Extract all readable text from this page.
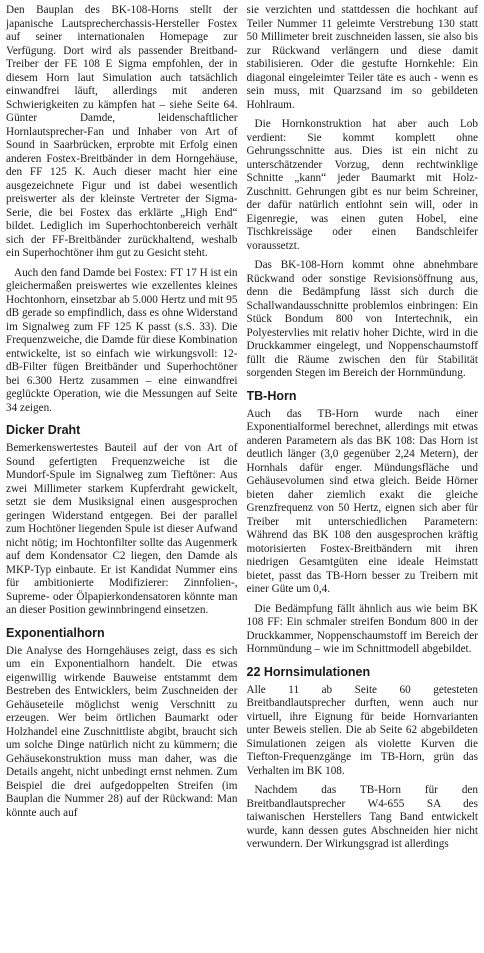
Den Bauplan des BK-108-Horns stellt der japanische Lautsprecherchassis-Hersteller Fostex auf seiner internationalen Homepage zur Verfügung. Dort wird als passender Breitband-Treiber der FE 108 E Sigma empfohlen, der in diesem Horn laut Simulation auch tatsächlich einwandfrei läuft, allerdings mit anderen Schwierigkeiten zu kämpfen hat – siehe Seite 64. Günter Damde, leidenschaftlicher Hornlautsprecher-Fan und Inhaber von Art of Sound in Saarbrücken, erprobte mit Erfolg einen anderen Fostex-Breitbänder in dem Horngehäuse, den FF 125 K. Auch dieser macht hier eine ausgezeichnete Figur und ist dabei wesentlich preiswerter als der kleinste Vertreter der Sigma-Serie, die bei Fostex das erklärte „High End“ bildet. Lediglich im Superhochtonbereich verhält sich der FF-Breitbänder zurückhaltend, weshalb ein Superhochtöner ihm gut zu Gesicht steht.

Auch den fand Damde bei Fostex: FT 17 H ist ein gleichermaßen preiswertes wie exzellentes kleines Hochtonhorn, einsetzbar ab 5.000 Hertz und mit 95 dB gerade so empfindlich, dass es ohne Widerstand im Signalweg zum FF 125 K passt (s.S. 33). Die Frequenzweiche, die Damde für diese Kombination entwickelte, ist so einfach wie wirkungsvoll: 12-dB-Filter fügen Breitbänder und Superhochtöner bei 6.300 Hertz zusammen – eine einwandfrei geglückte Operation, wie die Messungen auf Seite 34 zeigen.

Dicker Draht

Bemerkenswertestes Bauteil auf der von Art of Sound gefertigten Frequenzweiche ist die Mundorf-Spule im Signalweg zum Tieftöner: Aus zwei Millimeter starkem Kupferdraht gewickelt, setzt sie dem Musiksignal einen ausgesprochen geringen Widerstand entgegen. Bei der parallel zum Hochtöner liegenden Spule ist dieser Aufwand nicht nötig; im Hochtonfilter sollte das Augenmerk auf dem Kondensator C2 liegen, den Damde als MKP-Typ einbaute. Er ist Kandidat Nummer eins für ambitionierte Modifizierer: Zinnfolien-, Supreme- oder Ölpapierkondensatoren könnte man an dieser Position gewinnbringend einsetzen.

Exponentialhorn

Die Analyse des Horngehäuses zeigt, dass es sich um ein Exponentialhorn handelt. Die etwas eigenwillig wirkende Bauweise entstammt dem Bestreben des Entwicklers, beim Zuschneiden der Gehäuseteile möglichst wenig Verschnitt zu erzeugen. Wer beim örtlichen Baumarkt oder Holzhandel eine Zuschnittliste abgibt, braucht sich um solche Dinge natürlich nicht zu kümmern; die Gehäusekonstruktion muss man daher, was die Details angeht, nicht unbedingt ernst nehmen. Zum Beispiel die drei aufgedoppelten Streifen (im Bauplan die Nummer 28) auf der Rückwand: Man könnte auch auf

sie verzichten und stattdessen die hochkant auf Teiler Nummer 11 geleimte Verstrebung 130 statt 50 Millimeter breit zuschneiden lassen, sie also bis zur Rückwand verlängern und diese damit stabilisieren. Oder die gestufte Hornkehle: Ein diagonal eingeleimter Teiler täte es auch - wenn es sein muss, mit Quarzsand im so gebildeten Hohlraum.

Die Hornkonstruktion hat aber auch Lob verdient: Sie kommt komplett ohne Gehrungsschnitte aus. Dies ist ein nicht zu unterschätzender Vorzug, denn rechtwinklige Schnitte „kann“ jeder Baumarkt mit Holz-Zuschnitt. Gehrungen gibt es nur beim Schreiner, der dafür natürlich entlohnt sein will, oder in Eigenregie, was einen guten Hobel, eine Tischkreissäge oder einen Bandschleifer voraussetzt.

Das BK-108-Horn kommt ohne abnehmbare Rückwand oder sonstige Revisionsöffnung aus, denn die Bedämpfung lässt sich durch die Schallwandausschnitte problemlos einbringen: Ein Stück Bondum 800 von Intertechnik, ein Polyestervlies mit relativ hoher Dichte, wird in die Druckkammer eingelegt, und Noppenschaumstoff füllt die Räume zwischen den für Stabilität sorgenden Stegen im Bereich der Hornmündung.

TB-Horn

Auch das TB-Horn wurde nach einer Exponentialformel berechnet, allerdings mit etwas anderen Parametern als das BK 108: Das Horn ist deutlich länger (3,0 gegenüber 2,24 Metern), der Hornhals dafür enger. Mündungsfläche und Gehäusevolumen sind etwa gleich. Beide Hörner bieten daher ziemlich exakt die gleiche Grenzfrequenz von 50 Hertz, eignen sich aber für Treiber mit unterschiedlichen Parametern: Während das BK 108 den ausgesprochen kräftig motorisierten Fostex-Breitbändern mit ihren niedrigen Gesamtgüten eine ideale Heimstatt bietet, passt das TB-Horn besser zu Treibern mit einer Güte um 0,4.

Die Bedämpfung fällt ähnlich aus wie beim BK 108 FF: Ein schmaler streifen Bondum 800 in der Druckkammer, Noppenschaumstoff im Bereich der Hornmündung – wie im Schnittmodell abgebildet.

22 Hornsimulationen

Alle 11 ab Seite 60 getesteten Breitbandlautsprecher durften, wenn auch nur virtuell, ihre Eignung für beide Hornvarianten unter Beweis stellen. Die ab Seite 62 abgebildeten Simulationen zeigen als violette Kurven die Tiefton-Frequenzgänge im TB-Horn, grün das Verhalten im BK 108.

Nachdem das TB-Horn für den Breitbandlautsprecher W4-655 SA des taiwanischen Herstellers Tang Band entwickelt wurde, kann dessen gutes Abschneiden hier nicht verwundern. Der Wirkungsgrad ist allerdings
